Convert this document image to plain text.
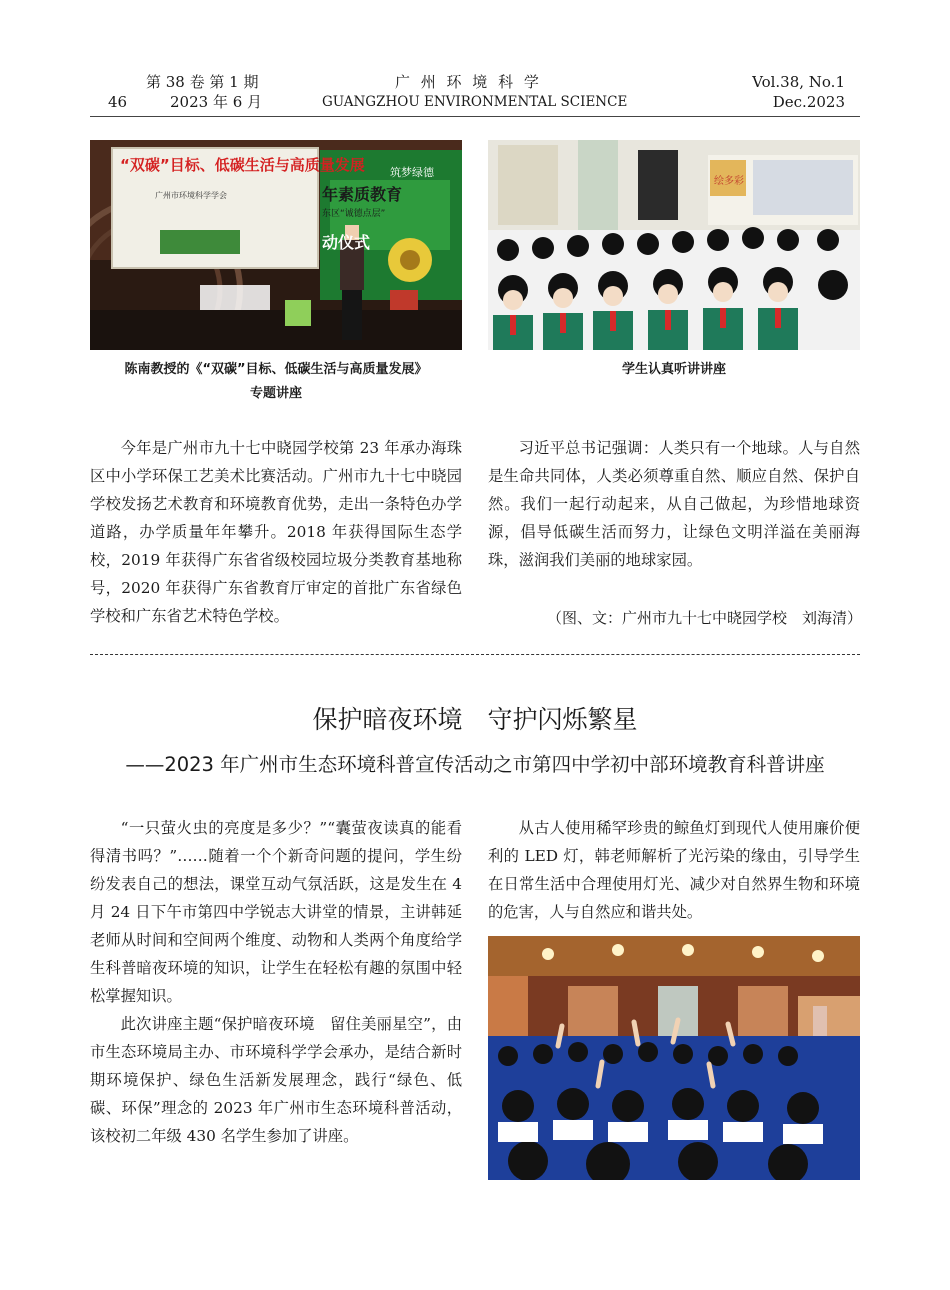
第 38 卷 第 1 期
46	2023 年 6 月
广 州 环 境 科 学
GUANGZHOU ENVIRONMENTAL SCIENCE
Vol.38, No.1
Dec.2023
“双碳”目标、低碳生活与高质量发展
广州市环境科学学会
筑梦绿德
年素质教育
东区“诚德点层”
动仪式
绘多彩
陈南教授的《“双碳”目标、低碳生活与高质量发展》
专题讲座
学生认真听讲讲座

今年是广州市九十七中晓园学校第 23 年承办海珠区中小学环保工艺美术比赛活动。广州市九十七中晓园学校发扬艺术教育和环境教育优势，走出一条特色办学道路，办学质量年年攀升。2018 年获得国际生态学校，2019 年获得广东省省级校园垃圾分类教育基地称号，2020 年获得广东省教育厅审定的首批广东省绿色学校和广东省艺术特色学校。

习近平总书记强调：人类只有一个地球。人与自然是生命共同体，人类必须尊重自然、顺应自然、保护自然。我们一起行动起来，从自己做起，为珍惜地球资源，倡导低碳生活而努力，让绿色文明洋溢在美丽海珠，滋润我们美丽的地球家园。

（图、文：广州市九十七中晓园学校　刘海清）
保护暗夜环境　守护闪烁繁星
——2023 年广州市生态环境科普宣传活动之市第四中学初中部环境教育科普讲座

“一只萤火虫的亮度是多少？”“囊萤夜读真的能看得清书吗？”……随着一个个新奇问题的提问，学生纷纷发表自己的想法，课堂互动气氛活跃，这是发生在 4 月 24 日下午市第四中学锐志大讲堂的情景，主讲韩延老师从时间和空间两个维度、动物和人类两个角度给学生科普暗夜环境的知识，让学生在轻松有趣的氛围中轻松掌握知识。

此次讲座主题“保护暗夜环境　留住美丽星空”，由市生态环境局主办、市环境科学学会承办，是结合新时期环境保护、绿色生活新发展理念，践行“绿色、低碳、环保”理念的 2023 年广州市生态环境科普活动，该校初二年级 430 名学生参加了讲座。

从古人使用稀罕珍贵的鲸鱼灯到现代人使用廉价便利的 LED 灯，韩老师解析了光污染的缘由，引导学生在日常生活中合理使用灯光、减少对自然界生物和环境的危害，人与自然应和谐共处。
